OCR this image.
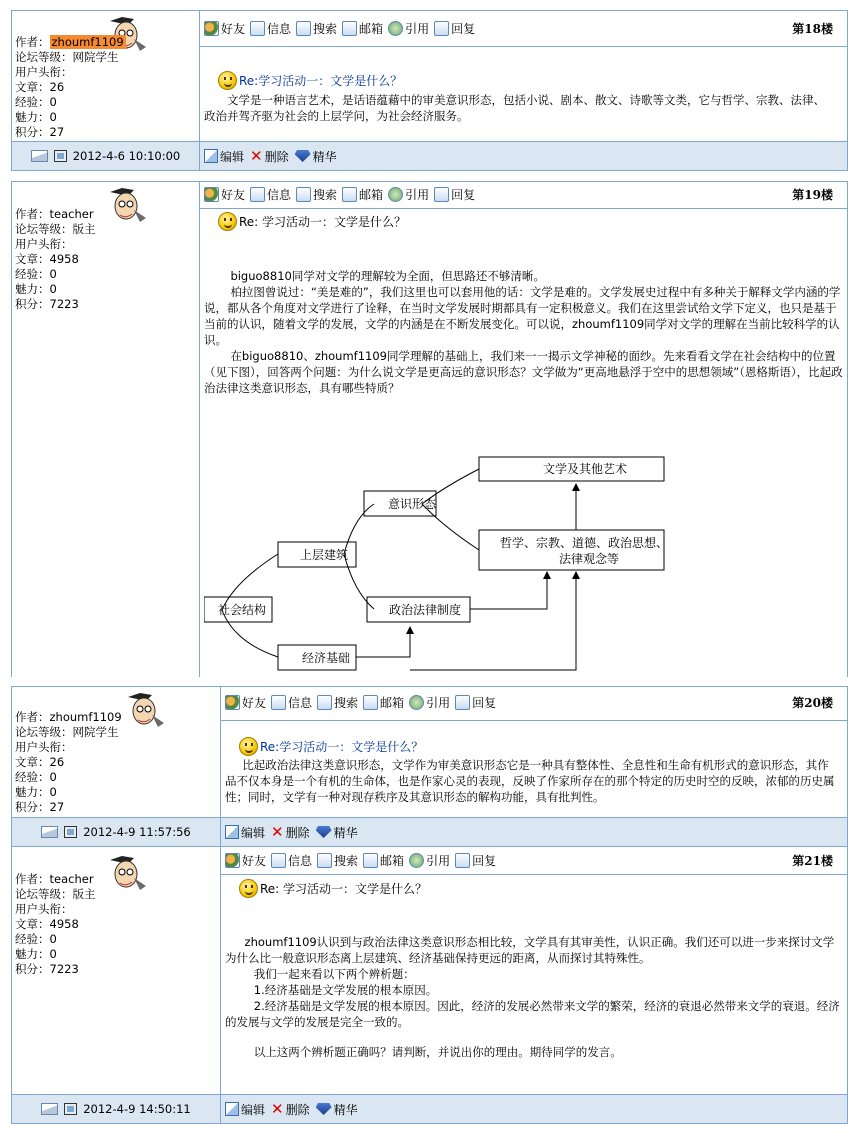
作者： zhoumf1109
论坛等级：网院学生
用户头衔：
文章：26
经验：0
魅力：0
积分：27
好友 信息 搜索 邮箱 引用 回复	第18楼
Re:学习活动一：文学是什么？

文学是一种语言艺术，是话语蕴藉中的审美意识形态，包括小说、剧本、散文、诗歌等文类，它与哲学、宗教、法律、政治并驾齐驱为社会的上层学问，为社会经济服务。

2012-4-6 10:10:00	编辑 ✕ 删除 精华
作者：teacher
论坛等级：版主
用户头衔：
文章：4958
经验：0
魅力：0
积分：7223
好友 信息 搜索 邮箱 引用 回复	第19楼
Re: 学习活动一：文学是什么？

biguo8810同学对文学的理解较为全面，但思路还不够清晰。

柏拉图曾说过：“美是难的”，我们这里也可以套用他的话：文学是难的。文学发展史过程中有多种关于解释文学内涵的学说，都从各个角度对文学进行了诠释，在当时文学发展时期都具有一定积极意义。我们在这里尝试给文学下定义，也只是基于当前的认识，随着文学的发展，文学的内涵是在不断发展变化。可以说，zhoumf1109同学对文学的理解在当前比较科学的认识。

在biguo8810、zhoumf1109同学理解的基础上，我们来一一揭示文学神秘的面纱。先来看看文学在社会结构中的位置（见下图），回答两个问题：为什么说文学是更高远的意识形态？文学做为“更高地悬浮于空中的思想领域”（恩格斯语），比起政治法律这类意识形态，具有哪些特质？

社会结构
上层建筑
经济基础
意识形态
政治法律制度
文学及其他艺术
哲学、宗教、道德、政治思想、
法律观念等
作者：zhoumf1109
论坛等级：网院学生
用户头衔：
文章：26
经验：0
魅力：0
积分：27
好友 信息 搜索 邮箱 引用 回复	第20楼
Re:学习活动一：文学是什么？

比起政治法律这类意识形态，文学作为审美意识形态它是一种具有整体性、全息性和生命有机形式的意识形态，其作品不仅本身是一个有机的生命体，也是作家心灵的表现，反映了作家所存在的那个特定的历史时空的反映，浓郁的历史属性；同时，文学有一种对现存秩序及其意识形态的解构功能，具有批判性。

2012-4-9 11:57:56	编辑 ✕ 删除 精华
作者：teacher
论坛等级：版主
用户头衔：
文章：4958
经验：0
魅力：0
积分：7223
好友 信息 搜索 邮箱 引用 回复	第21楼
Re: 学习活动一：文学是什么？

zhoumf1109认识到与政治法律这类意识形态相比较，文学具有其审美性，认识正确。我们还可以进一步来探讨文学为什么比一般意识形态离上层建筑、经济基础保持更远的距离，从而探讨其特殊性。

我们一起来看以下两个辨析题：

1.经济基础是文学发展的根本原因。

2.经济基础是文学发展的根本原因。因此，经济的发展必然带来文学的繁荣，经济的衰退必然带来文学的衰退。经济的发展与文学的发展是完全一致的。

以上这两个辨析题正确吗？请判断，并说出你的理由。期待同学的发言。

2012-4-9 14:50:11	编辑 ✕ 删除 精华
